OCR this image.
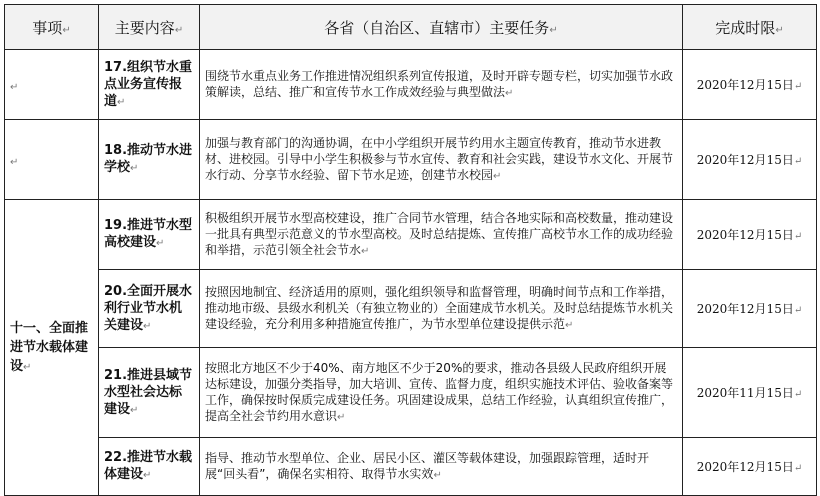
事项↵	主要内容↵	各省（自治区、直辖市）主要任务↵	完成时限↵
↵	17.组织节水重点业务宣传报道↵	围绕节水重点业务工作推进情况组织系列宣传报道，及时开辟专题专栏，切实加强节水政策解读，总结、推广和宣传节水工作成效经验与典型做法↵	2020年12月15日↵
↵	18.推动节水进学校↵	加强与教育部门的沟通协调，在中小学组织开展节约用水主题宣传教育，推动节水进教材、进校园。引导中小学生积极参与节水宣传、教育和社会实践，建设节水文化、开展节水行动、分享节水经验、留下节水足迹，创建节水校园↵	2020年12月15日↵
十一、全面推进节水载体建设↵	19.推进节水型高校建设↵	积极组织开展节水型高校建设，推广合同节水管理，结合各地实际和高校数量，推动建设一批具有典型示范意义的节水型高校。及时总结提炼、宣传推广高校节水工作的成功经验和举措，示范引领全社会节水↵	2020年12月15日↵
	20.全面开展水利行业节水机关建设↵	按照因地制宜、经济适用的原则，强化组织领导和监督管理，明确时间节点和工作举措，推动地市级、县级水利机关（有独立物业的）全面建成节水机关。及时总结提炼节水机关建设经验，充分利用多种措施宣传推广，为节水型单位建设提供示范↵	2020年12月15日↵
	21.推进县域节水型社会达标建设↵	按照北方地区不少于40%、南方地区不少于20%的要求，推动各县级人民政府组织开展达标建设，加强分类指导，加大培训、宣传、监督力度，组织实施技术评估、验收备案等工作，确保按时保质完成建设任务。巩固建设成果，总结工作经验，认真组织宣传推广，提高全社会节约用水意识↵	2020年11月15日↵
	22.推进节水载体建设↵	指导、推动节水型单位、企业、居民小区、灌区等载体建设，加强跟踪管理，适时开展“回头看”，确保名实相符、取得节水实效↵	2020年12月15日↵
